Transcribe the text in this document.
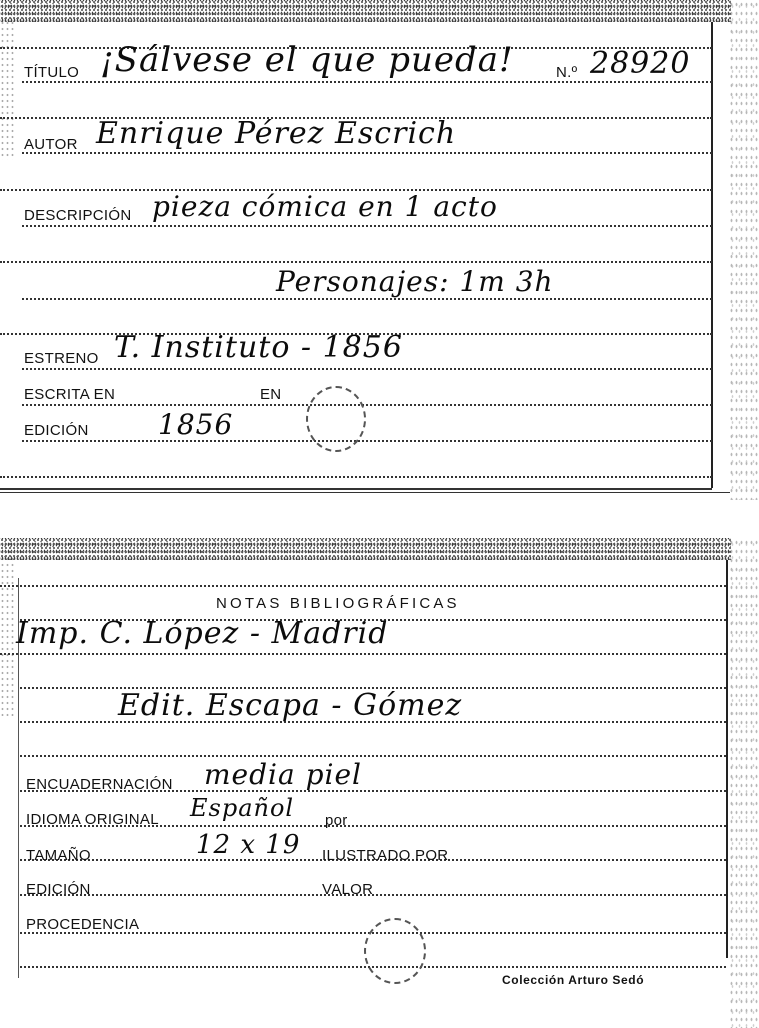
TÍTULO ¡Sálvese el que pueda!	N.º 28920
AUTOR Enrique Pérez Escrich
DESCRIPCIÓN pieza cómica en 1 acto
Personajes: 1m 3h
ESTRENO T. Instituto - 1856
ESCRITA EN	EN
EDICIÓN 1856
NOTAS BIBLIOGRÁFICAS
Imp. C. López - Madrid
Edit. Escapa - Gómez
ENCUADERNACIÓN media piel
IDIOMA ORIGINAL Español por
TAMAÑO	12 x 19 ILUSTRADO POR
EDICIÓN	VALOR
PROCEDENCIA
Colección Arturo Sedó
